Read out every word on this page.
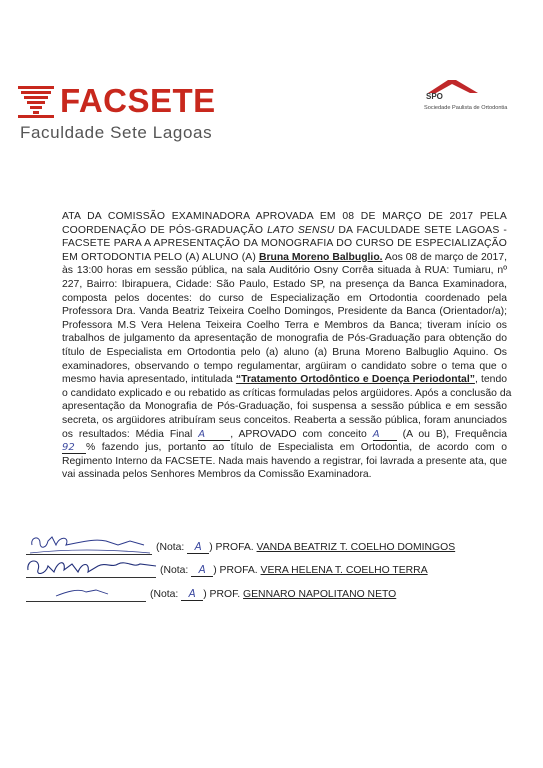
FACSETE
Faculdade Sete Lagoas
SPO
Sociedade Paulista de Ortodontia
ATA DA COMISSÃO EXAMINADORA APROVADA EM 08 DE MARÇO DE 2017 PELA
COORDENAÇÃO DE PÓS-GRADUAÇÃO LATO SENSU DA FACULDADE SETE LAGOAS -
FACSETE PARA A APRESENTAÇÃO DA MONOGRAFIA DO CURSO DE ESPECIALIZAÇÃO
EM ORTODONTIA PELO (A) ALUNO (A) Bruna Moreno Balbuglio. Aos 08 de março de 2017,
às 13:00 horas em sessão pública, na sala Auditório Osny Corrêa situada à RUA: Tumiaru, nº
227, Bairro: Ibirapuera, Cidade: São Paulo, Estado SP, na presença da Banca Examinadora,
composta pelos docentes: do curso de Especialização em Ortodontia coordenado pela
Professora Dra. Vanda Beatriz Teixeira Coelho Domingos, Presidente da Banca (Orientador/a);
Professora M.S Vera Helena Teixeira Coelho Terra e Membros da Banca; tiveram início os
trabalhos de julgamento da apresentação de monografia de Pós-Graduação para obtenção do
título de Especialista em Ortodontia pelo (a) aluno (a) Bruna Moreno Balbuglio Aquino. Os
examinadores, observando o tempo regulamentar, argüiram o candidato sobre o tema que o
mesmo havia apresentado, intitulada “Tratamento Ortodôntico e Doença Periodontal”, tendo
o candidato explicado e ou rebatido as críticas formuladas pelos argüidores. Após a conclusão da
apresentação da Monografia de Pós-Graduação, foi suspensa a sessão pública e em sessão
secreta, os argüidores atribuíram seus conceitos. Reaberta a sessão pública, foram anunciados
os resultados: Média Final A , APROVADO com conceito A (A ou B), Frequência
92 % fazendo jus, portanto ao título de Especialista em Ortodontia, de acordo com o
Regimento Interno da FACSETE. Nada mais havendo a registrar, foi lavrada a presente ata, que
vai assinada pelos Senhores Membros da Comissão Examinadora.
(Nota: A ) PROFA. VANDA BEATRIZ T. COELHO DOMINGOS
(Nota: A ) PROFA. VERA HELENA T. COELHO TERRA
(Nota: A ) PROF. GENNARO NAPOLITANO NETO
